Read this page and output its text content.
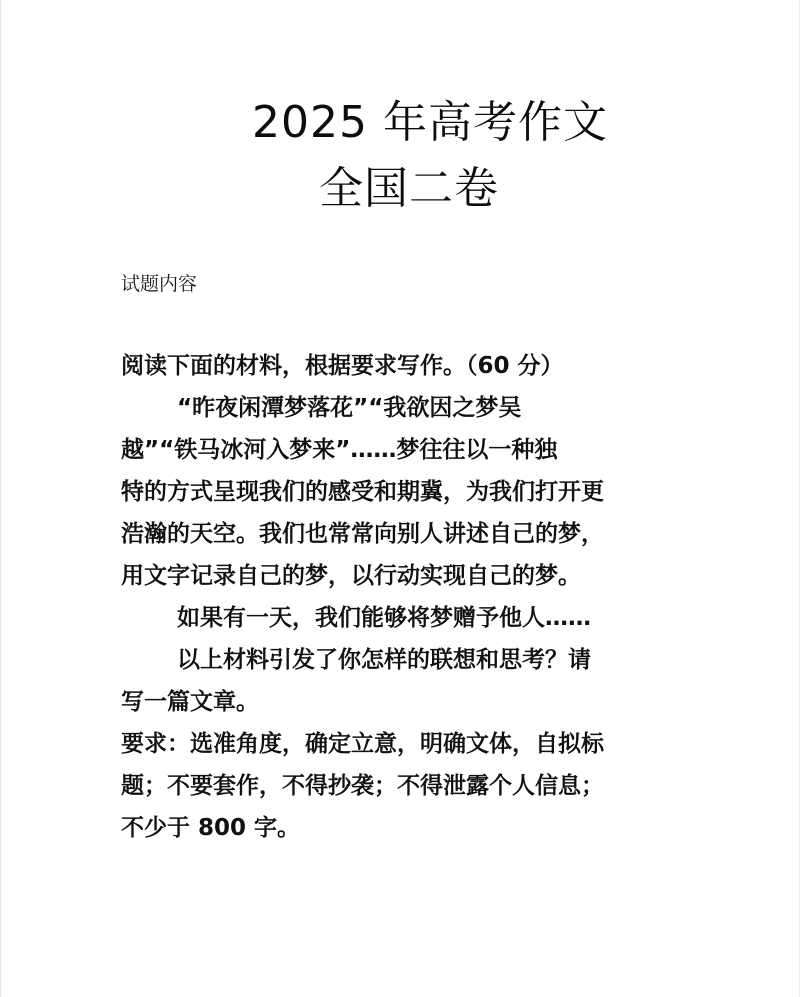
2025 年高考作文
全国二卷
试题内容
阅读下面的材料，根据要求写作。（60 分）
“昨夜闲潭梦落花”“我欲因之梦吴
越”“铁马冰河入梦来”……梦往往以一种独
特的方式呈现我们的感受和期冀，为我们打开更
浩瀚的天空。我们也常常向别人讲述自己的梦，
用文字记录自己的梦，以行动实现自己的梦。
如果有一天，我们能够将梦赠予他人……
以上材料引发了你怎样的联想和思考？请
写一篇文章。
要求：选准角度，确定立意，明确文体，自拟标
题；不要套作，不得抄袭；不得泄露个人信息；
不少于 800 字。
